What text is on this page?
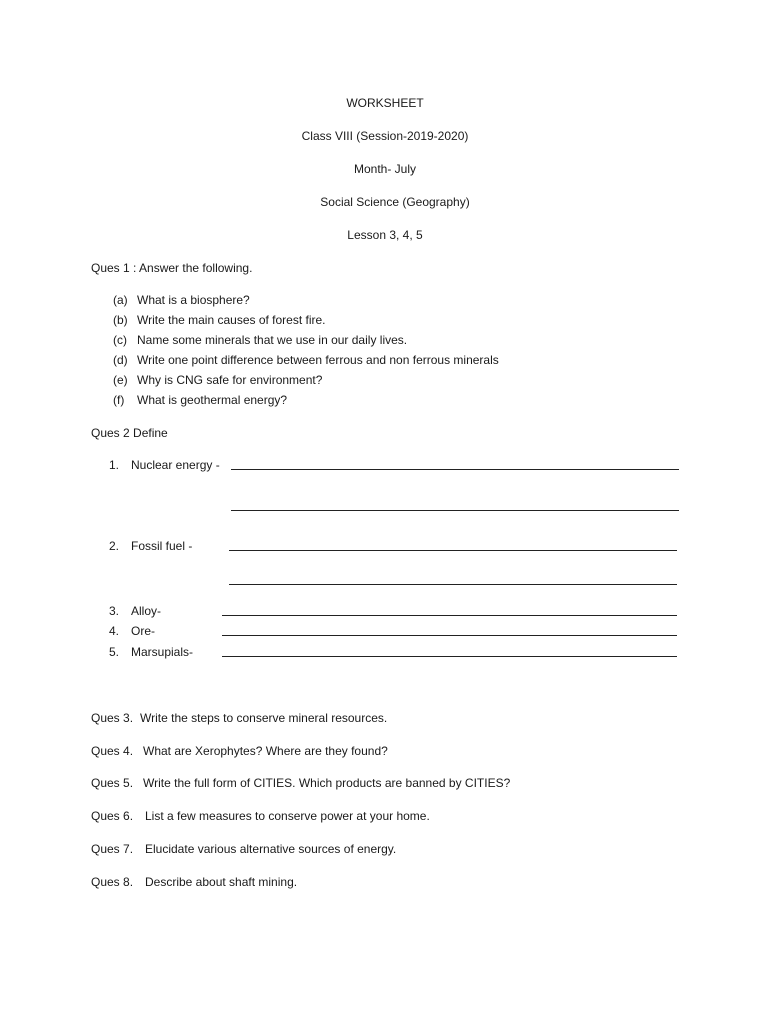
WORKSHEET
Class VIII (Session-2019-2020)
Month- July
Social Science (Geography)
Lesson 3, 4, 5
Ques 1 : Answer the following.
(a) What is a biosphere?
(b) Write the main causes of forest fire.
(c) Name some minerals that we use in our daily lives.
(d) Write one point difference between ferrous and non ferrous minerals
(e) Why is CNG safe for environment?
(f) What is geothermal energy?
Ques 2 Define
1. Nuclear energy -
2. Fossil fuel -
3. Alloy-
4. Ore-
5. Marsupials-
Ques 3. Write the steps to conserve mineral resources.
Ques 4. What are Xerophytes? Where are they found?
Ques 5. Write the full form of CITIES. Which products are banned by CITIES?
Ques 6. List a few measures to conserve power at your home.
Ques 7. Elucidate various alternative sources of energy.
Ques 8. Describe about shaft mining.
